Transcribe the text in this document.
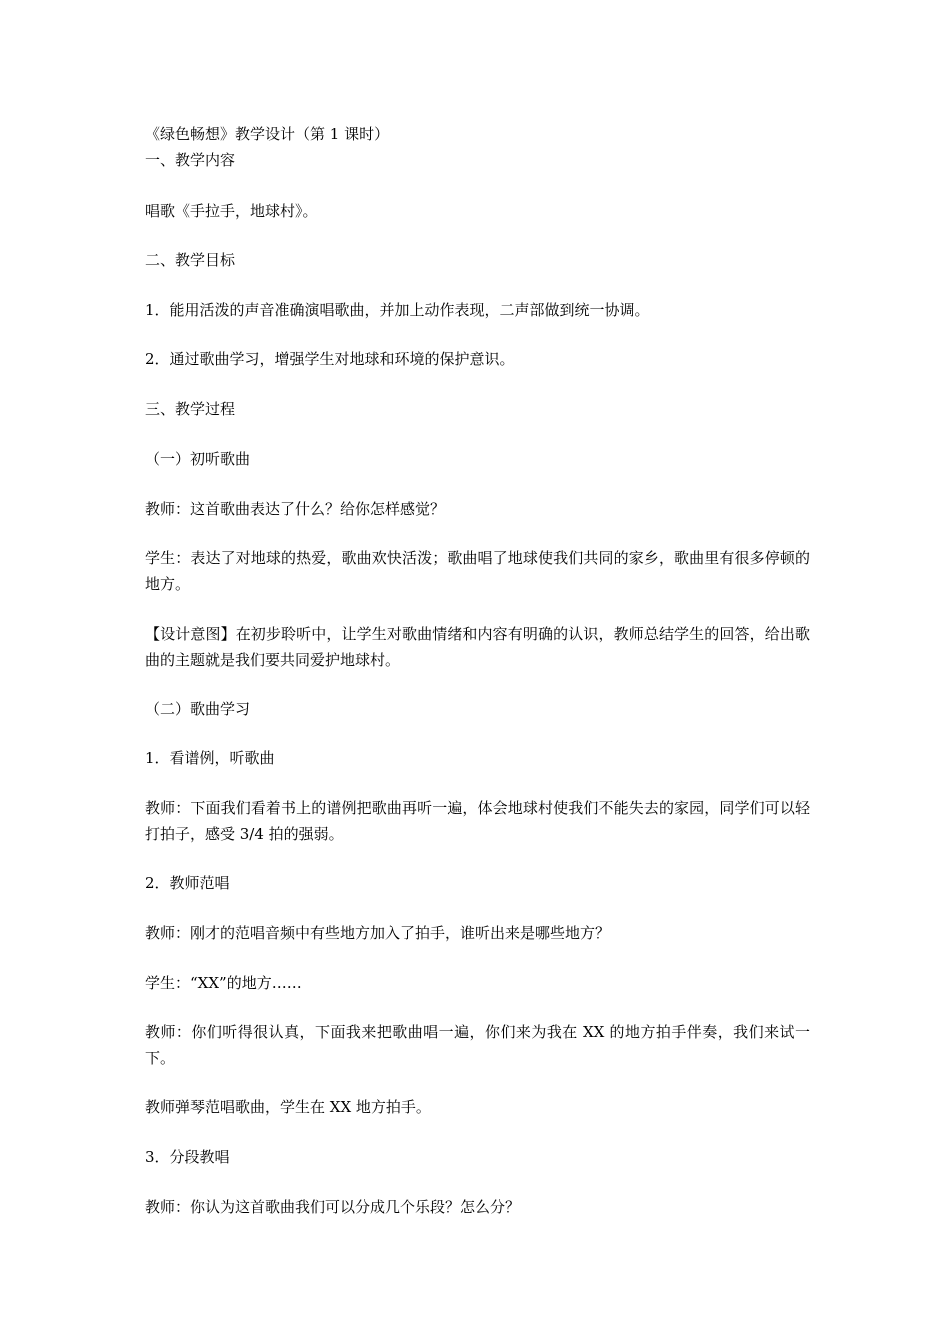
《绿色畅想》教学设计（第 1 课时）
一、教学内容
唱歌《手拉手，地球村》。
二、教学目标
1．能用活泼的声音准确演唱歌曲，并加上动作表现，二声部做到统一协调。
2．通过歌曲学习，增强学生对地球和环境的保护意识。
三、教学过程
（一）初听歌曲
教师：这首歌曲表达了什么？给你怎样感觉？
学生：表达了对地球的热爱，歌曲欢快活泼；歌曲唱了地球使我们共同的家乡，歌曲里有很多停顿的地方。
【设计意图】在初步聆听中，让学生对歌曲情绪和内容有明确的认识，教师总结学生的回答，给出歌曲的主题就是我们要共同爱护地球村。
（二）歌曲学习
1．看谱例，听歌曲
教师：下面我们看着书上的谱例把歌曲再听一遍，体会地球村使我们不能失去的家园，同学们可以轻打拍子，感受 3/4 拍的强弱。
2．教师范唱
教师：刚才的范唱音频中有些地方加入了拍手，谁听出来是哪些地方？
学生：“XX”的地方……
教师：你们听得很认真，下面我来把歌曲唱一遍，你们来为我在 XX 的地方拍手伴奏，我们来试一下。
教师弹琴范唱歌曲，学生在 XX 地方拍手。
3．分段教唱
教师：你认为这首歌曲我们可以分成几个乐段？怎么分？
